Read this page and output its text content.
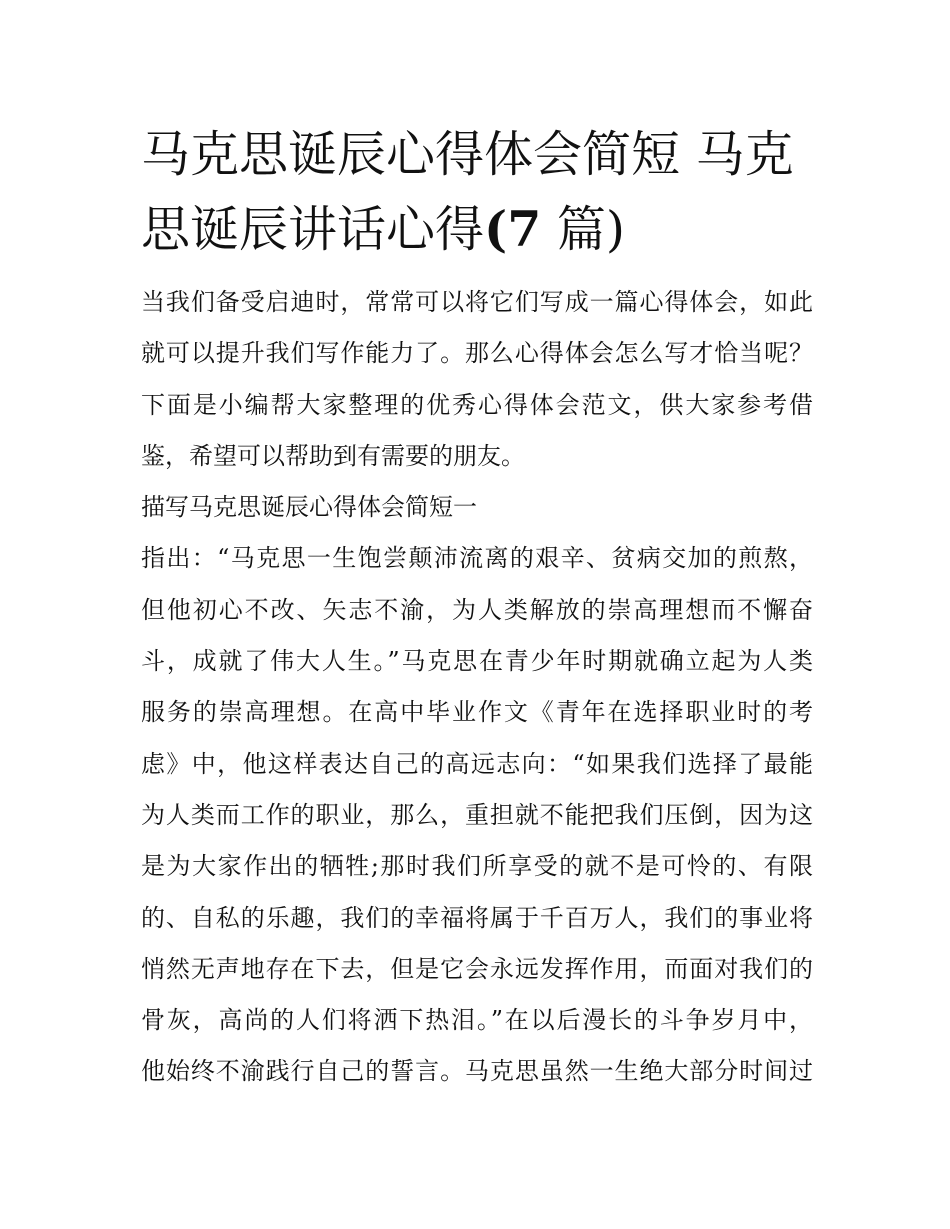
马克思诞辰心得体会简短 马克
思诞辰讲话心得(7 篇)

当我们备受启迪时，常常可以将它们写成一篇心得体会，如此
就可以提升我们写作能力了。那么心得体会怎么写才恰当呢？
下面是小编帮大家整理的优秀心得体会范文，供大家参考借
鉴，希望可以帮助到有需要的朋友。

描写马克思诞辰心得体会简短一

指出：“马克思一生饱尝颠沛流离的艰辛、贫病交加的煎熬，
但他初心不改、矢志不渝，为人类解放的崇高理想而不懈奋
斗，成就了伟大人生。”马克思在青少年时期就确立起为人类
服务的崇高理想。在高中毕业作文《青年在选择职业时的考
虑》中，他这样表达自己的高远志向：“如果我们选择了最能
为人类而工作的职业，那么，重担就不能把我们压倒，因为这
是为大家作出的牺牲;那时我们所享受的就不是可怜的、有限
的、自私的乐趣，我们的幸福将属于千百万人，我们的事业将
悄然无声地存在下去，但是它会永远发挥作用，而面对我们的
骨灰，高尚的人们将洒下热泪。”在以后漫长的斗争岁月中，
他始终不渝践行自己的誓言。马克思虽然一生绝大部分时间过
